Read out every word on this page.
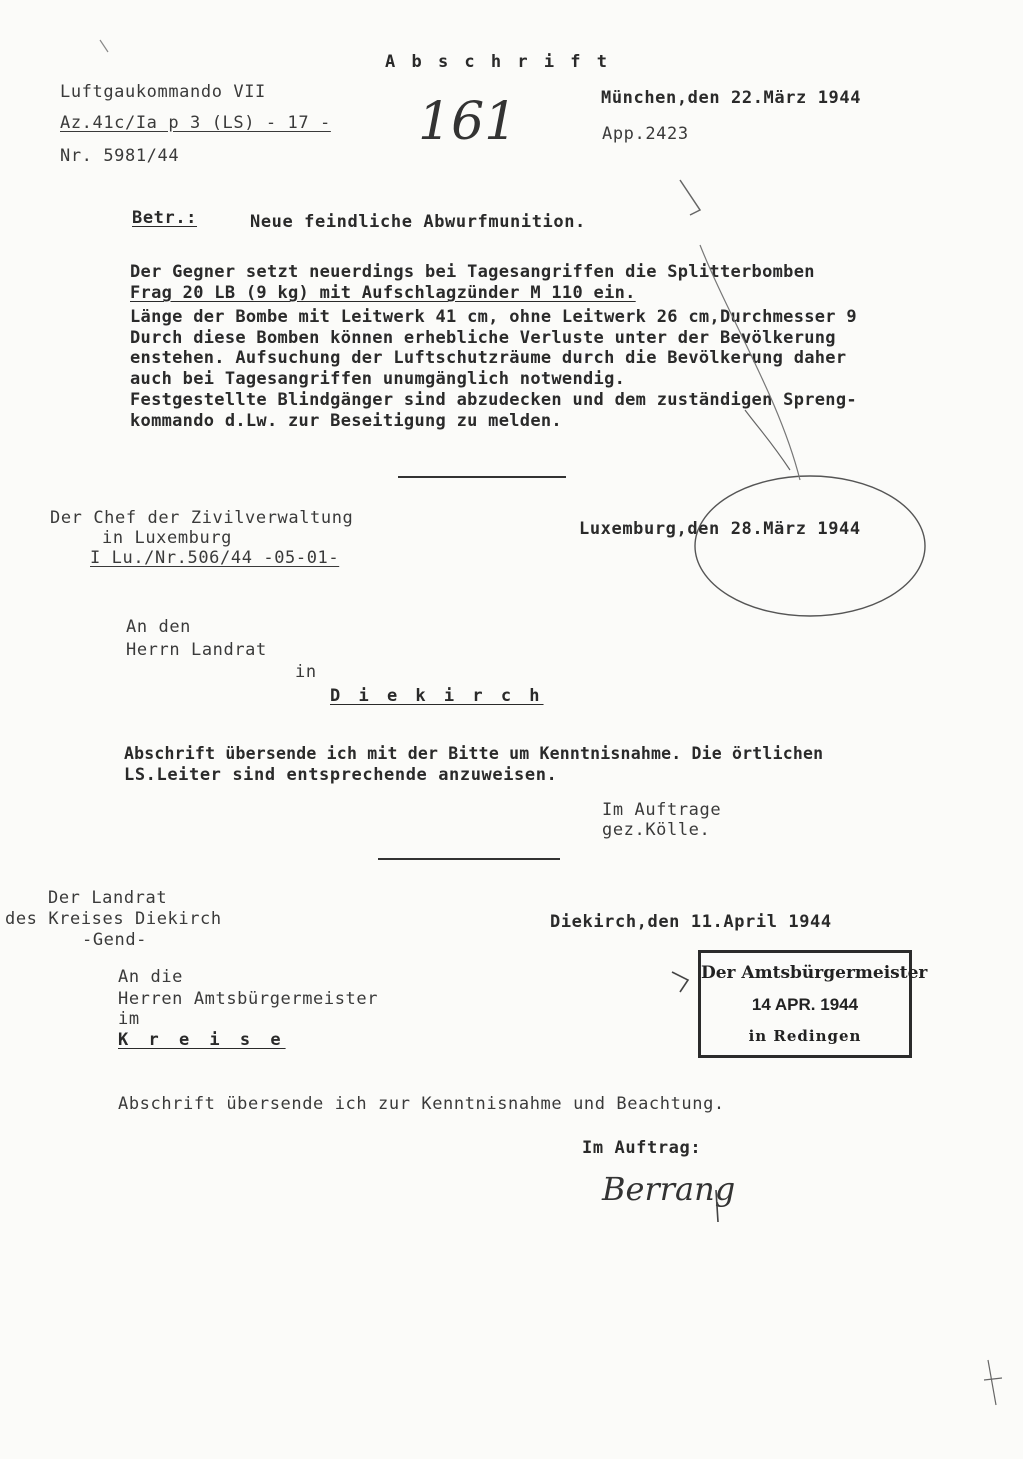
A b s c h r i f t
Luftgaukommando VII
Az.41c/Ia p 3 (LS) - 17 -
Nr. 5981/44
München,den 22.März 1944
App.2423
161
Betr.:	Neue feindliche Abwurfmunition.
Der Gegner setzt neuerdings bei Tagesangriffen die Splitterbomben
Frag 20 LB (9 kg) mit Aufschlagzünder M 110 ein.
Länge der Bombe mit Leitwerk 41 cm, ohne Leitwerk 26 cm,Durchmesser 9
Durch diese Bomben können erhebliche Verluste unter der Bevölkerung
enstehen. Aufsuchung der Luftschutzräume durch die Bevölkerung daher
auch bei Tagesangriffen unumgänglich notwendig.
Festgestellte Blindgänger sind abzudecken und dem zuständigen Spreng-
kommando d.Lw. zur Beseitigung zu melden.
Der Chef der Zivilverwaltung
in Luxemburg
I Lu./Nr.506/44 -05-01-
Luxemburg,den 28.März 1944
An den
Herrn Landrat
in
D i e k i r c h
Abschrift übersende ich mit der Bitte um Kenntnisnahme. Die örtlichen
LS.Leiter sind entsprechende anzuweisen.
Im Auftrage
gez.Kölle.
Der Landrat
des Kreises Diekirch
-Gend-
Diekirch,den 11.April 1944
An die
Herren Amtsbürgermeister
im
K r e i s e
Abschrift übersende ich zur Kenntnisnahme und Beachtung.
Im Auftrag:
Berrang
Der Amtsbürgermeister
14 APR. 1944
in Redingen
